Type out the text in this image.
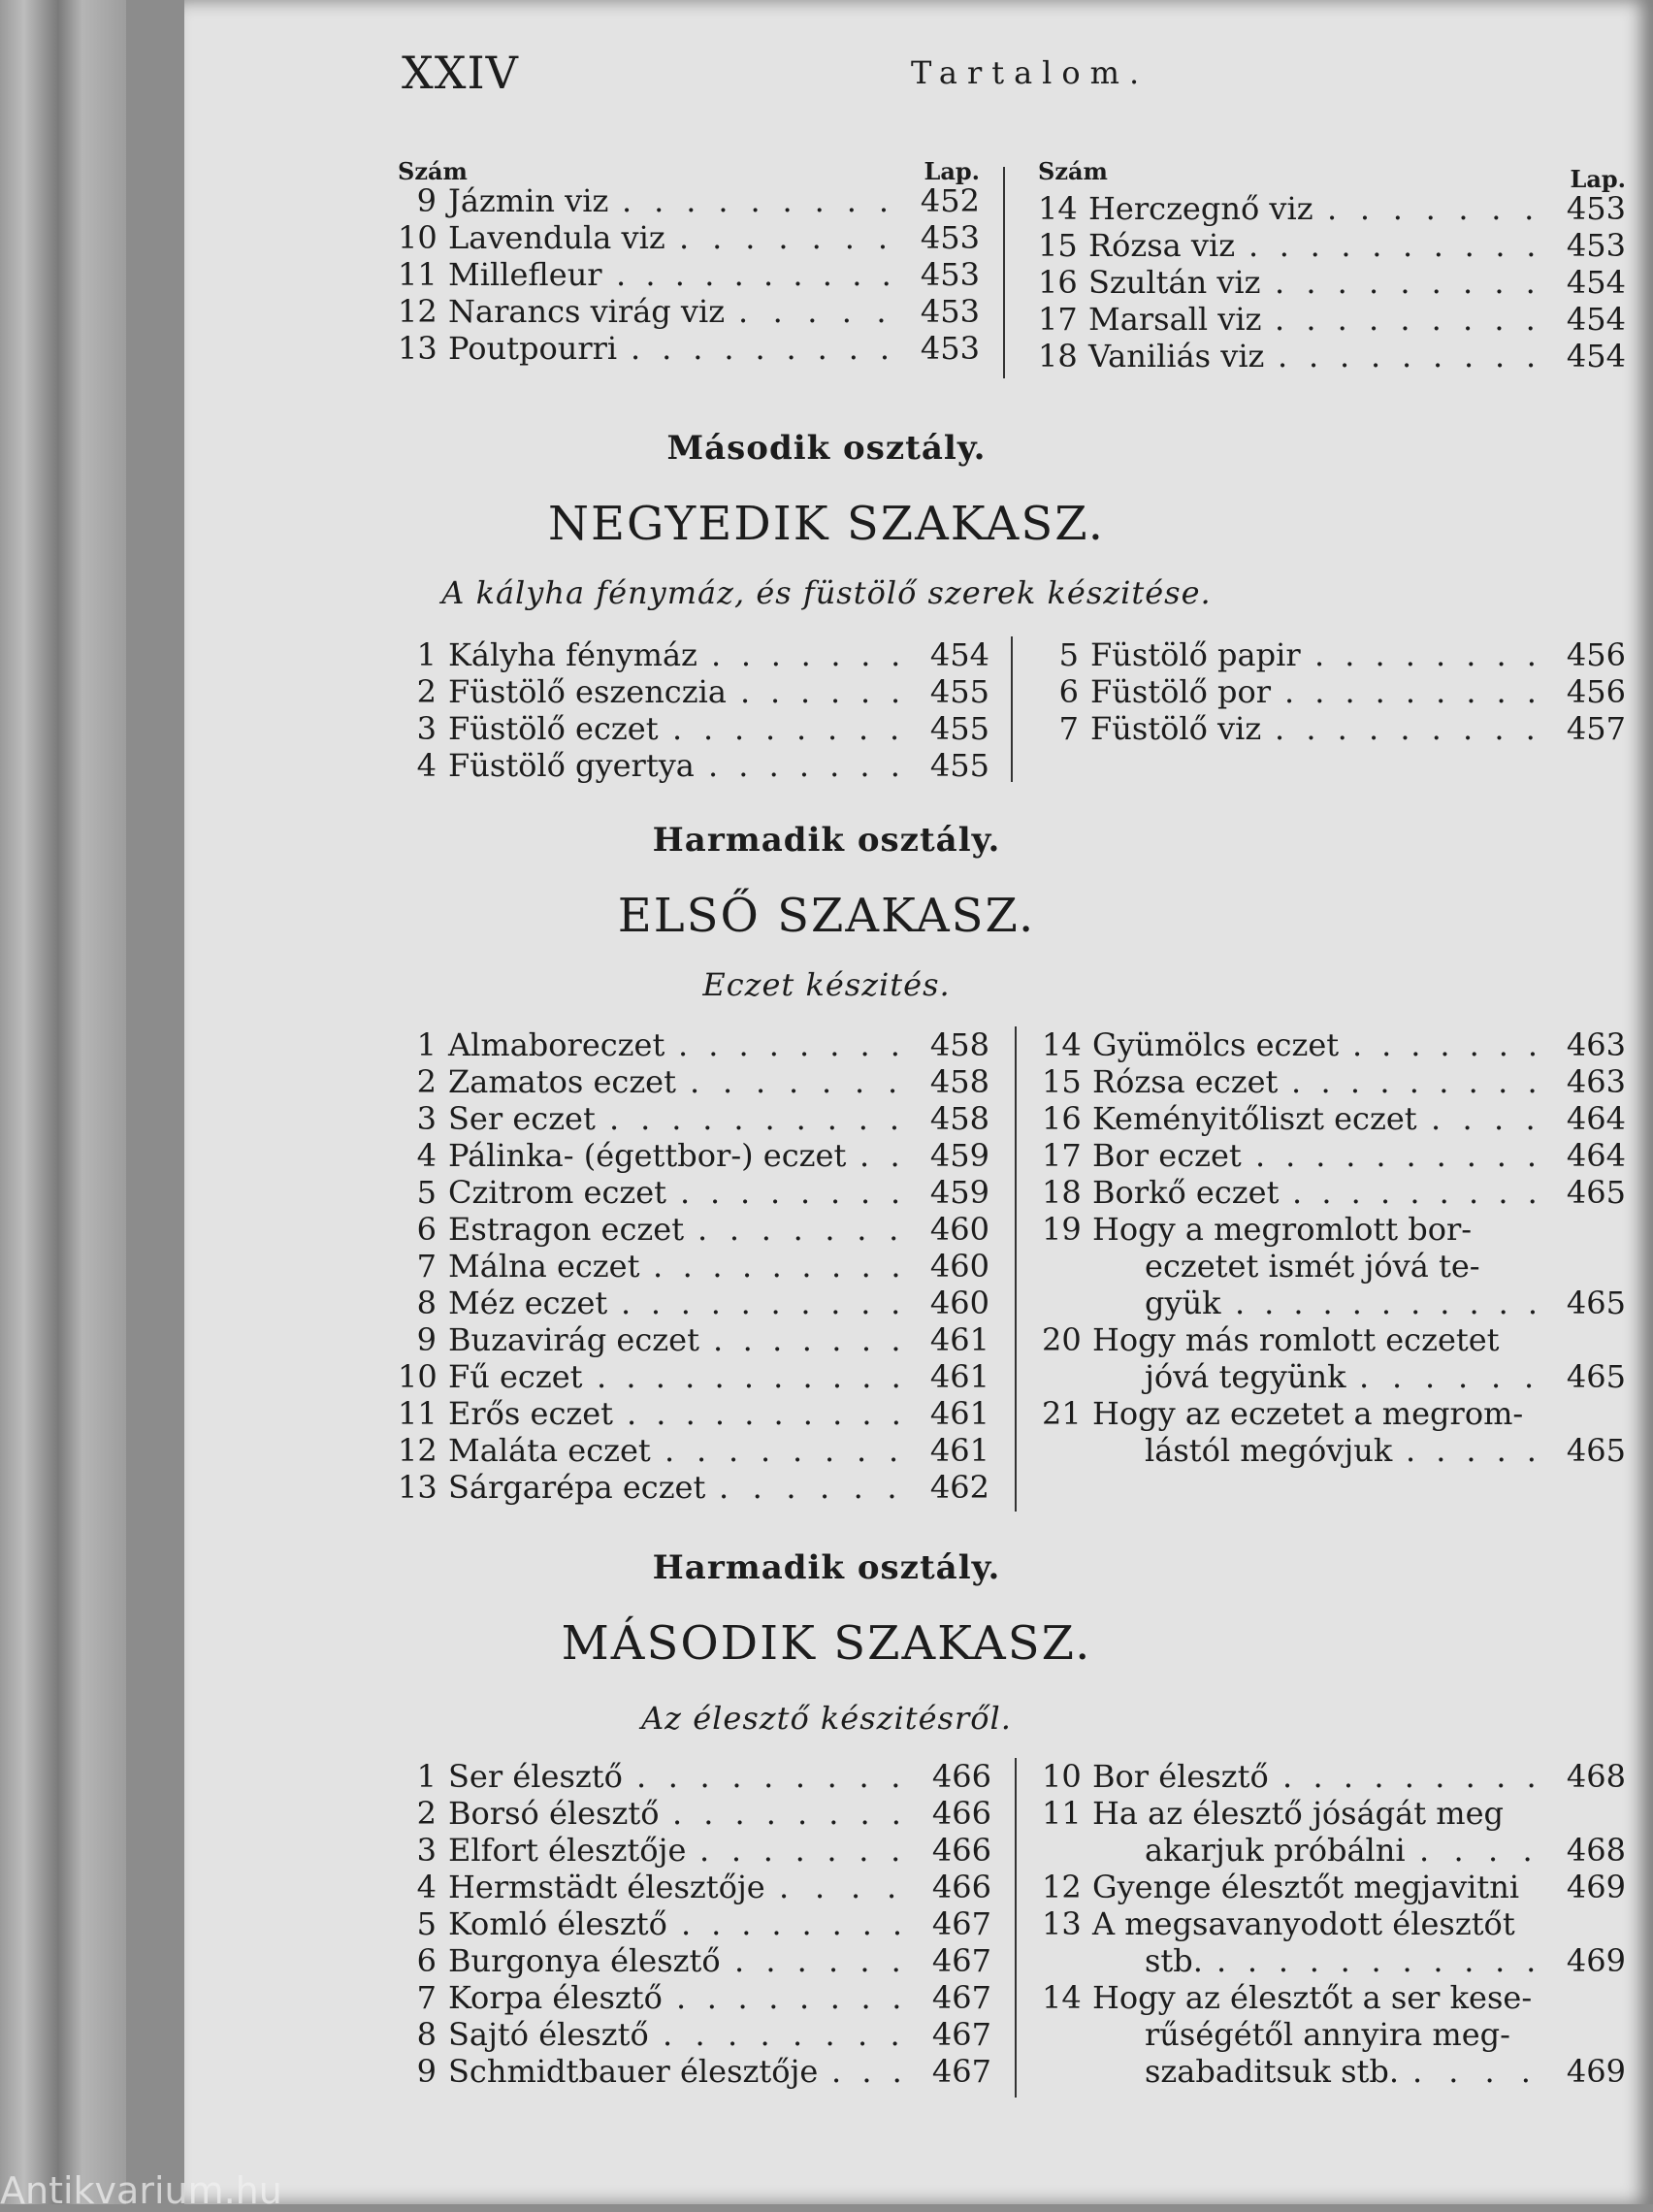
XXIV	Tartalom.
Szám	Lap.
9 Jázmin viz	452
. . . . . . . . .
10 Lavendula viz	453
. . . . . . .
11 Millefleur	453
. . . . . . . . . .
12 Narancs virág viz	453
. . . . .
13 Poutpourri	453
. . . . . . . . .
Szám	Lap.
14 Herczegnő viz	453
. . . . . . .
15 Rózsa viz	453
. . . . . . . . . .
16 Szultán viz	454
. . . . . . . . .
17 Marsall viz	454
. . . . . . . . .
18 Vaniliás viz	454
. . . . . . . . .
Második osztály.
NEGYEDIK SZAKASZ.
A kályha fénymáz, és füstölő szerek készitése.
1 Kályha fénymáz	454
. . . . . . .
2 Füstölő eszenczia	455
. . . . . .
3 Füstölő eczet	455
. . . . . . . .
4 Füstölő gyertya	455
. . . . . . .
5 Füstölő papir	456
. . . . . . . .
6 Füstölő por	456
. . . . . . . . .
7 Füstölő viz	457
. . . . . . . . .
Harmadik osztály.
ELSŐ SZAKASZ.
Eczet készités.
1 Almaboreczet	458
. . . . . . . .
2 Zamatos eczet	458
. . . . . . .
3 Ser eczet	458
. . . . . . . . . .
4 Pálinka- (égettbor-) eczet	459
. .
5 Czitrom eczet	459
. . . . . . . .
6 Estragon eczet	460
. . . . . . .
7 Málna eczet	460
. . . . . . . . .
8 Méz eczet	460
. . . . . . . . . .
9 Buzavirág eczet	461
. . . . . . .
10 Fű eczet	461
. . . . . . . . . . .
11 Erős eczet	461
. . . . . . . . . .
12 Maláta eczet	461
. . . . . . . .
13 Sárgarépa eczet	462
. . . . . .
14 Gyümölcs eczet	463
. . . . . . .
15 Rózsa eczet	463
. . . . . . . . .
16 Keményitőliszt eczet	464
. . . .
17 Bor eczet	464
. . . . . . . . . .
18 Borkő eczet	465
. . . . . . . . .
19 Hogy a megromlott bor-
eczetet ismét jóvá te-
gyük	465
. . . . . . . . . . .
20 Hogy más romlott eczetet
jóvá tegyünk	465
. . . . . .
21 Hogy az eczetet a megrom-
lástól megóvjuk	465
. . . . .
Harmadik osztály.
MÁSODIK SZAKASZ.
Az élesztő készitésről.
1 Ser élesztő	466
. . . . . . . . .
2 Borsó élesztő	466
. . . . . . . .
3 Elfort élesztője	466
. . . . . . .
4 Hermstädt élesztője	466
. . . .
5 Komló élesztő	467
. . . . . . . .
6 Burgonya élesztő	467
. . . . . .
7 Korpa élesztő	467
. . . . . . . .
8 Sajtó élesztő	467
. . . . . . . .
9 Schmidtbauer élesztője	467
. . .
10 Bor élesztő	468
. . . . . . . . .
11 Ha az élesztő jóságát meg
akarjuk próbálni	468
. . . .
12 Gyenge élesztőt megjavitni 469
13 A megsavanyodott élesztőt
stb.	469
. . . . . . . . . . .
14 Hogy az élesztőt a ser kese-
rűségétől annyira meg-
szabaditsuk stb.	469
. . . .
Antikvarium.hu
